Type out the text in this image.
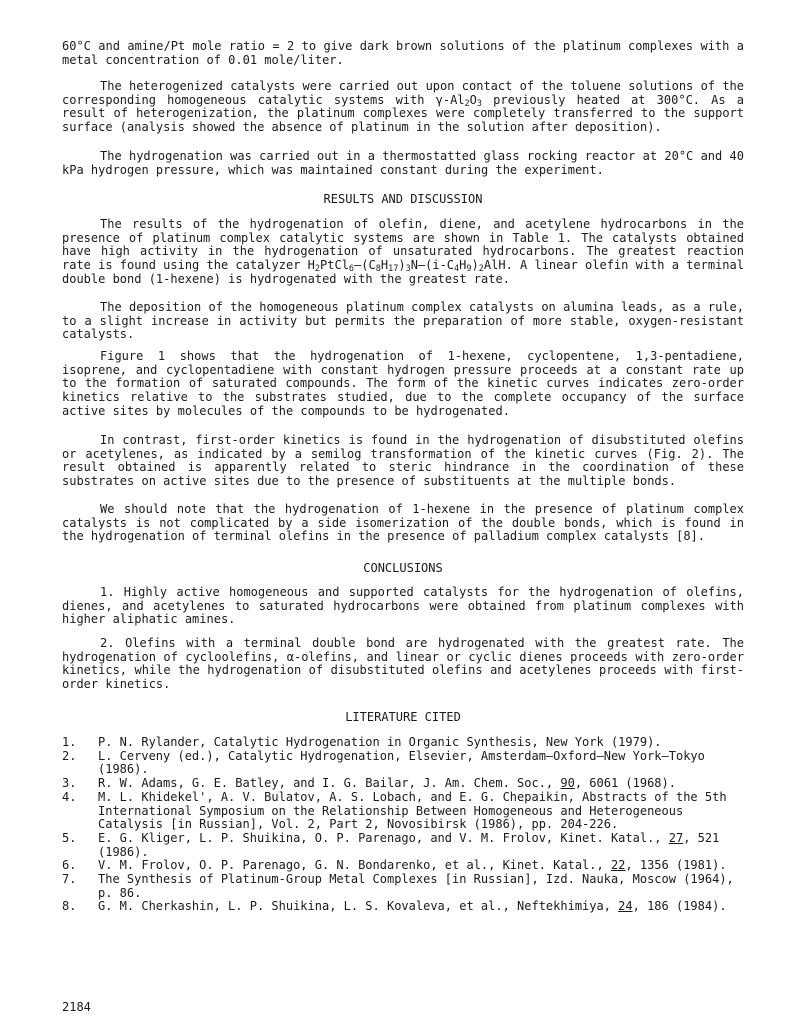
60°C and amine/Pt mole ratio = 2 to give dark brown solutions of the platinum complexes with a metal concentration of 0.01 mole/liter.

The heterogenized catalysts were carried out upon contact of the toluene solutions of the corresponding homogeneous catalytic systems with $\gamma-Al_2O_3$ previously heated at 300°C. As a result of heterogenization, the platinum complexes were completely transferred to the support surface (analysis showed the absence of platinum in the solution after deposition).

The hydrogenation was carried out in a thermostatted glass rocking reactor at 20°C and 40 kPa hydrogen pressure, which was maintained constant during the experiment.

RESULTS AND DISCUSSION

The results of the hydrogenation of olefin, diene, and acetylene hydrocarbons in the presence of platinum complex catalytic systems are shown in Table 1. The catalysts obtained have high activity in the hydrogenation of unsaturated hydrocarbons. The greatest reaction rate is found using the catalyzer $H_2PtCl_6-(C_8H_{17})_3N-(i-C_4H_9)_2AlH$. A linear olefin with a terminal double bond (1-hexene) is hydrogenated with the greatest rate.

The deposition of the homogeneous platinum complex catalysts on alumina leads, as a rule, to a slight increase in activity but permits the preparation of more stable, oxygen-resistant catalysts.

Figure 1 shows that the hydrogenation of 1-hexene, cyclopentene, 1,3-pentadiene, isoprene, and cyclopentadiene with constant hydrogen pressure proceeds at a constant rate up to the formation of saturated compounds. The form of the kinetic curves indicates zero-order kinetics relative to the substrates studied, due to the complete occupancy of the surface active sites by molecules of the compounds to be hydrogenated.

In contrast, first-order kinetics is found in the hydrogenation of disubstituted olefins or acetylenes, as indicated by a semilog transformation of the kinetic curves (Fig. 2). The result obtained is apparently related to steric hindrance in the coordination of these substrates on active sites due to the presence of substituents at the multiple bonds.

We should note that the hydrogenation of 1-hexene in the presence of platinum complex catalysts is not complicated by a side isomerization of the double bonds, which is found in the hydrogenation of terminal olefins in the presence of palladium complex catalysts [8].

CONCLUSIONS

1. Highly active homogeneous and supported catalysts for the hydrogenation of olefins, dienes, and acetylenes to saturated hydrocarbons were obtained from platinum complexes with higher aliphatic amines.

2. Olefins with a terminal double bond are hydrogenated with the greatest rate. The hydrogenation of cycloolefins, α-olefins, and linear or cyclic dienes proceeds with zero-order kinetics, while the hydrogenation of disubstituted olefins and acetylenes proceeds with first-order kinetics.

LITERATURE CITED
1.	P. N. Rylander, Catalytic Hydrogenation in Organic Synthesis, New York (1979).
2.	L. Cerveny (ed.), Catalytic Hydrogenation, Elsevier, Amsterdam–Oxford–New York–Tokyo (1986).
3.	R. W. Adams, G. E. Batley, and I. G. Bailar, J. Am. Chem. Soc., 90, 6061 (1968).
4.	M. L. Khidekel', A. V. Bulatov, A. S. Lobach, and E. G. Chepaikin, Abstracts of the 5th International Symposium on the Relationship Between Homogeneous and Heterogeneous Catalysis [in Russian], Vol. 2, Part 2, Novosibirsk (1986), pp. 204-226.
5.	E. G. Kliger, L. P. Shuikina, O. P. Parenago, and V. M. Frolov, Kinet. Katal., 27, 521 (1986).
6.	V. M. Frolov, O. P. Parenago, G. N. Bondarenko, et al., Kinet. Katal., 22, 1356 (1981).
7.	The Synthesis of Platinum-Group Metal Complexes [in Russian], Izd. Nauka, Moscow (1964), p. 86.
8.	G. M. Cherkashin, L. P. Shuikina, L. S. Kovaleva, et al., Neftekhimiya, 24, 186 (1984).

2184
